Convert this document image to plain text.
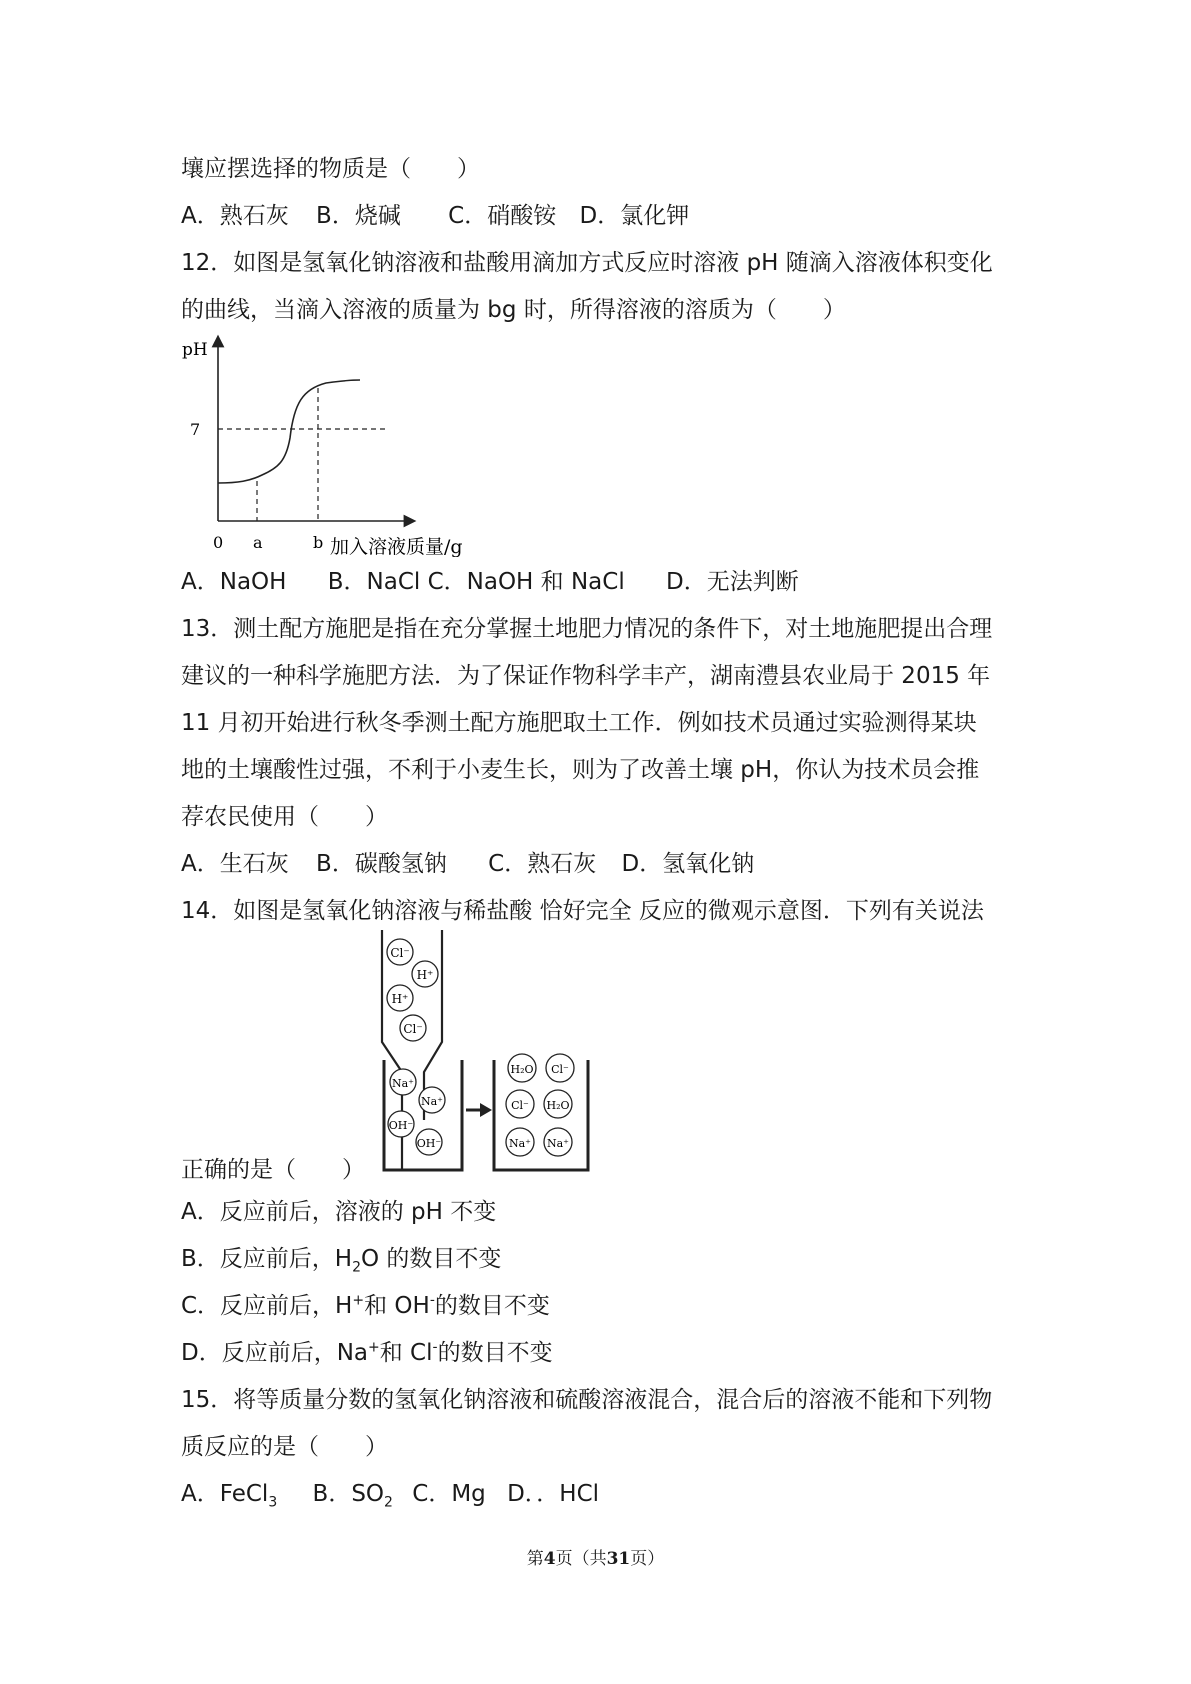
壤应摆选择的物质是（　　）
A．熟石灰 B．烧碱 C．硝酸铵 D．氯化钾
12．如图是氢氧化钠溶液和盐酸用滴加方式反应时溶液 pH 随滴入溶液体积变化
的曲线，当滴入溶液的质量为 bg 时，所得溶液的溶质为（　　）
pH
7
0 a	b 加入溶液质量/g
A．NaOH B．NaCl C．NaOH 和 NaCl D．无法判断
13．测土配方施肥是指在充分掌握土地肥力情况的条件下，对土地施肥提出合理
建议的一种科学施肥方法．为了保证作物科学丰产，湖南澧县农业局于 2015 年
11 月初开始进行秋冬季测土配方施肥取土工作．例如技术员通过实验测得某块
地的土壤酸性过强，不利于小麦生长，则为了改善土壤 pH，你认为技术员会推
荐农民使用（　　）
A．生石灰 B．碳酸氢钠 C．熟石灰 D．氢氧化钠
14．如图是氢氧化钠溶液与稀盐酸 恰好完全 反应的微观示意图．下列有关说法
Cl⁻
H⁺
H⁺
Cl⁻
Na⁺
Na⁺
OH⁻
OH⁻
H₂O Cl⁻
Cl⁻ H₂O
Na⁺ Na⁺
正确的是（　　）
A．反应前后，溶液的 pH 不变
B．反应前后，$H_2O$ 的数目不变
C．反应前后，H+和 OH-的数目不变
D．反应前后，Na+和 Cl-的数目不变
15．将等质量分数的氢氧化钠溶液和硫酸溶液混合，混合后的溶液不能和下列物
质反应的是（　　）
A．FeCl$_3$ B．$SO_2$ C．Mg D．．HCl
第4页（共31页）
